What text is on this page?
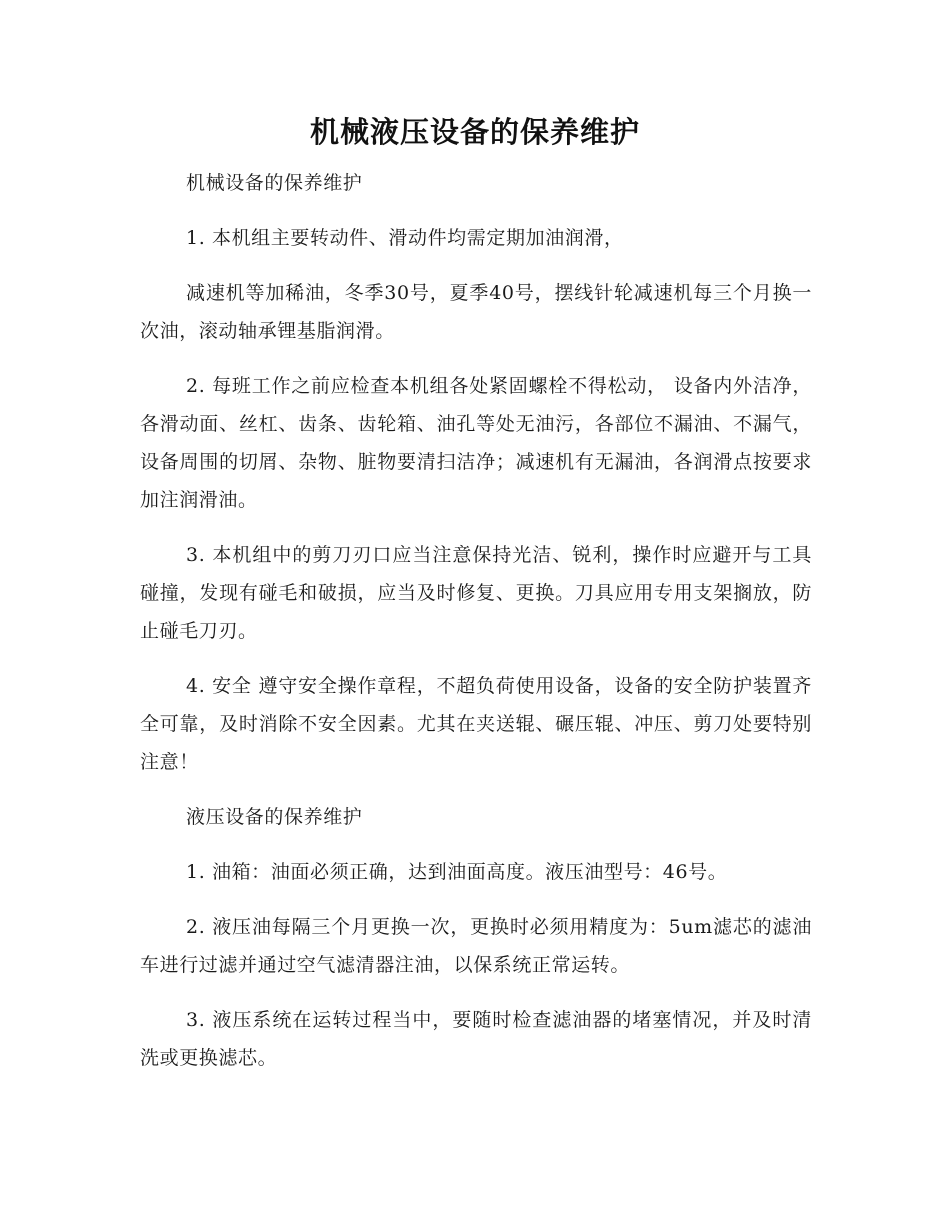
机械液压设备的保养维护

机械设备的保养维护

1. 本机组主要转动件、滑动件均需定期加油润滑，

减速机等加稀油，冬季30号，夏季40号，摆线针轮减速机每三个月换一次油，滚动轴承锂基脂润滑。

2. 每班工作之前应检查本机组各处紧固螺栓不得松动， 设备内外洁净，各滑动面、丝杠、齿条、齿轮箱、油孔等处无油污，各部位不漏油、不漏气，设备周围的切屑、杂物、脏物要清扫洁净；减速机有无漏油，各润滑点按要求加注润滑油。

3. 本机组中的剪刀刃口应当注意保持光洁、锐利，操作时应避开与工具碰撞，发现有碰毛和破损，应当及时修复、更换。刀具应用专用支架搁放，防止碰毛刀刃。

4. 安全 遵守安全操作章程，不超负荷使用设备，设备的安全防护装置齐全可靠，及时消除不安全因素。尤其在夹送辊、碾压辊、冲压、剪刀处要特别注意！

液压设备的保养维护

1. 油箱：油面必须正确，达到油面高度。液压油型号：46号。

2. 液压油每隔三个月更换一次，更换时必须用精度为：5um滤芯的滤油车进行过滤并通过空气滤清器注油，以保系统正常运转。

3. 液压系统在运转过程当中，要随时检查滤油器的堵塞情况，并及时清洗或更换滤芯。
